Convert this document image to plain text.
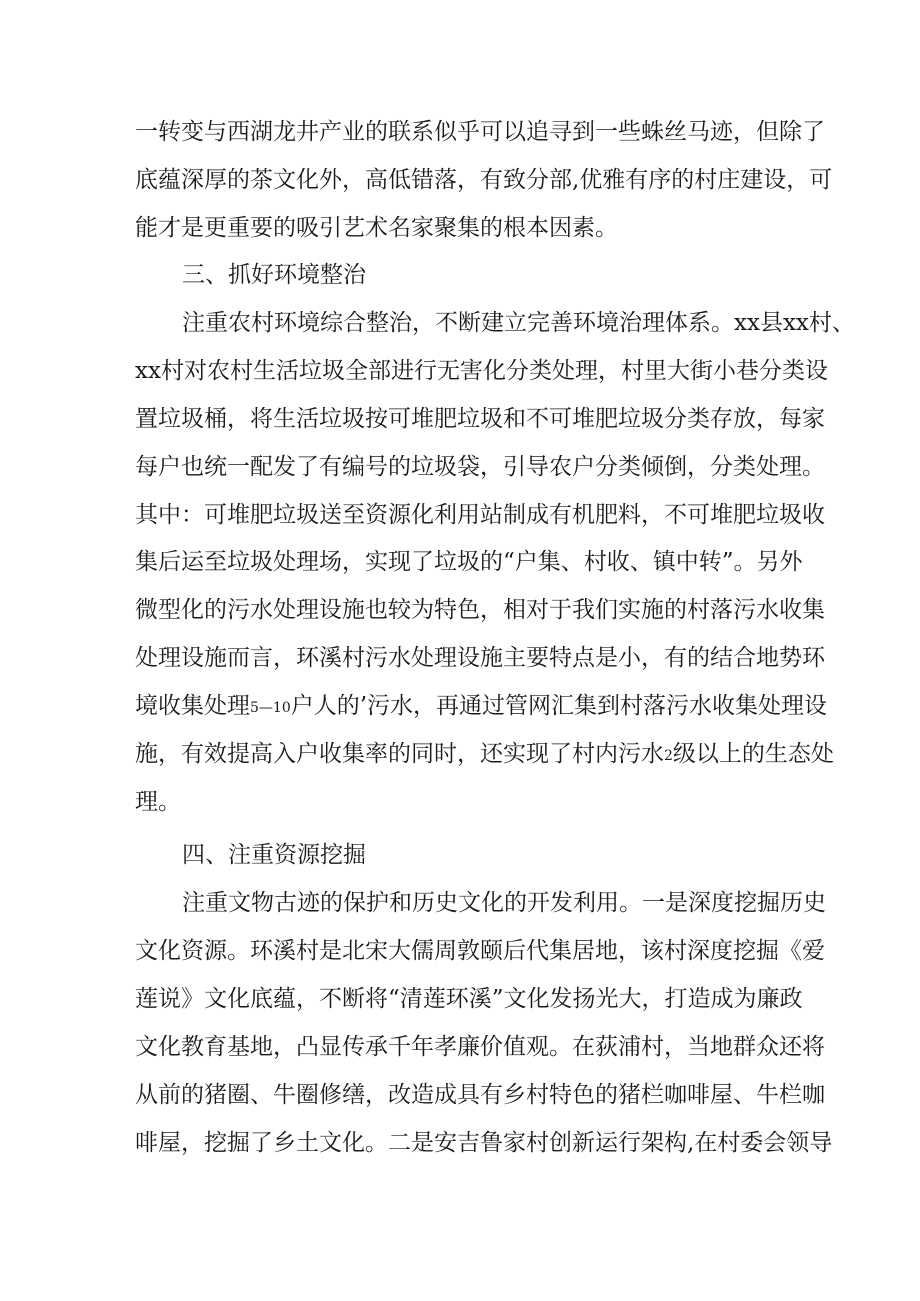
一转变与西湖龙井产业的联系似乎可以追寻到一些蛛丝马迹，但除了

底蕴深厚的茶文化外，高低错落，有致分部,优雅有序的村庄建设，可

能才是更重要的吸引艺术名家聚集的根本因素。

三、抓好环境整治

注重农村环境综合整治，不断建立完善环境治理体系。xx县xx村、

xx村对农村生活垃圾全部进行无害化分类处理，村里大街小巷分类设

置垃圾桶，将生活垃圾按可堆肥垃圾和不可堆肥垃圾分类存放，每家

每户也统一配发了有编号的垃圾袋，引导农户分类倾倒，分类处理。

其中：可堆肥垃圾送至资源化利用站制成有机肥料，不可堆肥垃圾收

集后运至垃圾处理场，实现了垃圾的“户集、村收、镇中转”。另外

微型化的污水处理设施也较为特色，相对于我们实施的村落污水收集

处理设施而言，环溪村污水处理设施主要特点是小，有的结合地势环

境收集处理5—10户人的’污水，再通过管网汇集到村落污水收集处理设

施，有效提高入户收集率的同时，还实现了村内污水2级以上的生态处

理。

四、注重资源挖掘

注重文物古迹的保护和历史文化的开发利用。一是深度挖掘历史

文化资源。环溪村是北宋大儒周敦颐后代集居地，该村深度挖掘《爱

莲说》文化底蕴，不断将“清莲环溪”文化发扬光大，打造成为廉政

文化教育基地，凸显传承千年孝廉价值观。在荻浦村，当地群众还将

从前的猪圈、牛圈修缮，改造成具有乡村特色的猪栏咖啡屋、牛栏咖

啡屋，挖掘了乡土文化。二是安吉鲁家村创新运行架构,在村委会领导
